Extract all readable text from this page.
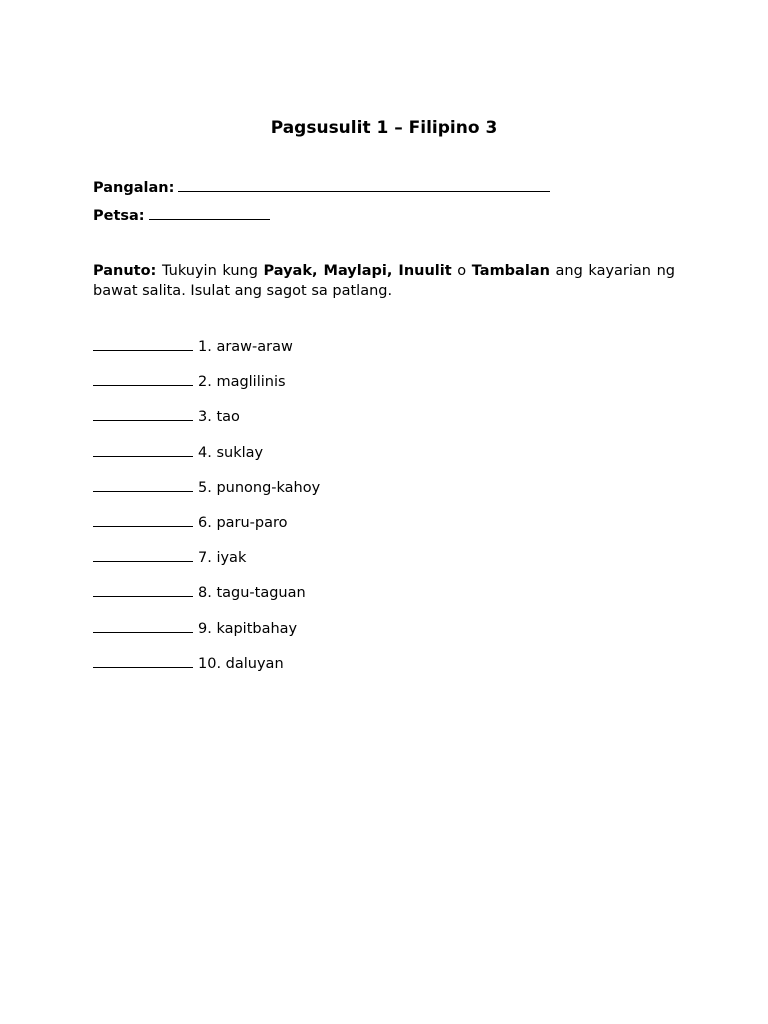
Pagsusulit 1 – Filipino 3
Pangalan:
Petsa:
Panuto: Tukuyin kung Payak, Maylapi, Inuulit o Tambalan ang kayarian ng bawat salita. Isulat ang sagot sa patlang.
1. araw-araw
2. maglilinis
3. tao
4. suklay
5. punong-kahoy
6. paru-paro
7. iyak
8. tagu-taguan
9. kapitbahay
10. daluyan
